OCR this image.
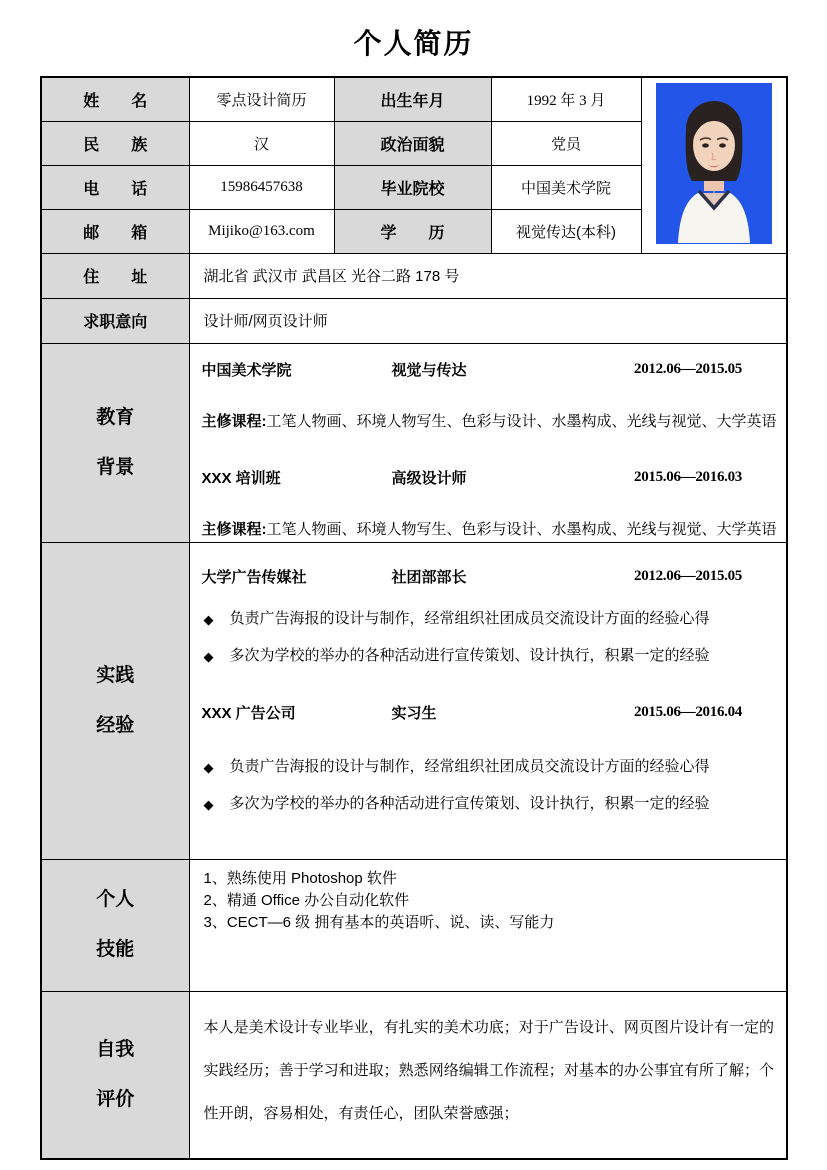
个人简历
姓　　名	零点设计简历	出生年月	1992 年 3 月	

民　　族	汉	政治面貌	党员	
电　　话	15986457638	毕业院校	中国美术学院	
邮　　箱	Mijiko@163.com	学　　历	视觉传达(本科)	
住　　址	湖北省 武汉市 武昌区 光谷二路 178 号			
求职意向	设计师/网页设计师			

教育
背景

中国美术学院	视觉与传达	2012.06—2015.05
主修课程:工笔人物画、环境人物写生、色彩与设计、水墨构成、光线与视觉、大学英语
XXX 培训班	高级设计师	2015.06—2016.03
主修课程:工笔人物画、环境人物写生、色彩与设计、水墨构成、光线与视觉、大学英语

实践
经验

大学广告传媒社	社团部部长	2012.06—2015.05
◆	负责广告海报的设计与制作，经常组织社团成员交流设计方面的经验心得
◆	多次为学校的举办的各种活动进行宣传策划、设计执行，积累一定的经验
XXX 广告公司	实习生	2015.06—2016.04
◆	负责广告海报的设计与制作，经常组织社团成员交流设计方面的经验心得
◆	多次为学校的举办的各种活动进行宣传策划、设计执行，积累一定的经验

个人
技能

1、熟练使用 Photoshop 软件
2、精通 Office 办公自动化软件
3、CECT—6 级 拥有基本的英语听、说、读、写能力

自我
评价	本人是美术设计专业毕业，有扎实的美术功底；对于广告设计、网页图片设计有一定的实践经历；善于学习和进取；熟悉网络编辑工作流程；对基本的办公事宜有所了解；个性开朗，容易相处，有责任心，团队荣誉感强；			
